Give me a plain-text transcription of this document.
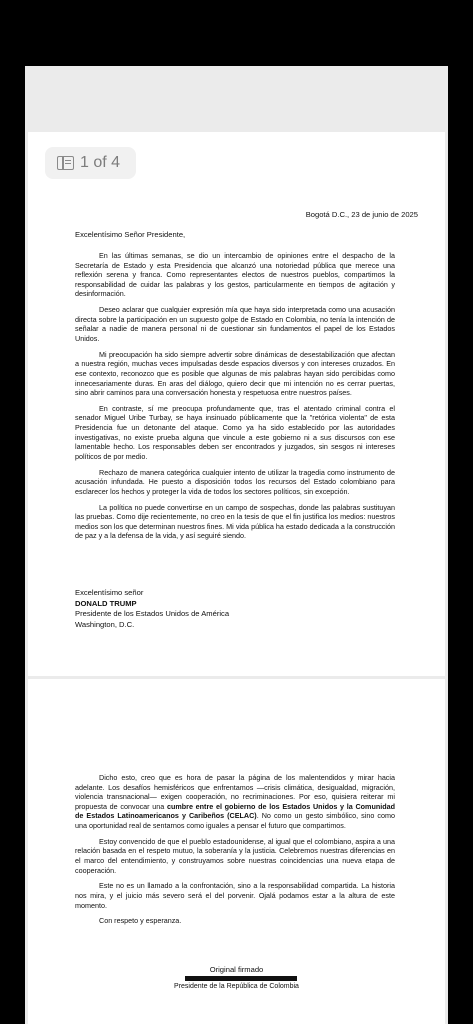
1 of 4
Bogotá D.C., 23 de junio de 2025
Excelentísimo Señor Presidente,

En las últimas semanas, se dio un intercambio de opiniones entre el despacho de la Secretaría de Estado y esta Presidencia que alcanzó una notoriedad pública que merece una reflexión serena y franca. Como representantes electos de nuestros pueblos, compartimos la responsabilidad de cuidar las palabras y los gestos, particularmente en tiempos de agitación y desinformación.

Deseo aclarar que cualquier expresión mía que haya sido interpretada como una acusación directa sobre la participación en un supuesto golpe de Estado en Colombia, no tenía la intención de señalar a nadie de manera personal ni de cuestionar sin fundamentos el papel de los Estados Unidos.

Mi preocupación ha sido siempre advertir sobre dinámicas de desestabilización que afectan a nuestra región, muchas veces impulsadas desde espacios diversos y con intereses cruzados. En ese contexto, reconozco que es posible que algunas de mis palabras hayan sido percibidas como innecesariamente duras. En aras del diálogo, quiero decir que mi intención no es cerrar puertas, sino abrir caminos para una conversación honesta y respetuosa entre nuestros países.

En contraste, sí me preocupa profundamente que, tras el atentado criminal contra el senador Miguel Uribe Turbay, se haya insinuado públicamente que la "retórica violenta" de esta Presidencia fue un detonante del ataque. Como ya ha sido establecido por las autoridades investigativas, no existe prueba alguna que vincule a este gobierno ni a sus discursos con ese lamentable hecho. Los responsables deben ser encontrados y juzgados, sin sesgos ni intereses políticos de por medio.

Rechazo de manera categórica cualquier intento de utilizar la tragedia como instrumento de acusación infundada. He puesto a disposición todos los recursos del Estado colombiano para esclarecer los hechos y proteger la vida de todos los sectores políticos, sin excepción.

La política no puede convertirse en un campo de sospechas, donde las palabras sustituyan las pruebas. Como dije recientemente, no creo en la tesis de que el fin justifica los medios: nuestros medios son los que determinan nuestros fines. Mi vida pública ha estado dedicada a la construcción de paz y a la defensa de la vida, y así seguiré siendo.

Excelentísimo señor
DONALD TRUMP
Presidente de los Estados Unidos de América
Washington, D.C.

Dicho esto, creo que es hora de pasar la página de los malentendidos y mirar hacia adelante. Los desafíos hemisféricos que enfrentamos —crisis climática, desigualdad, migración, violencia transnacional— exigen cooperación, no recriminaciones. Por eso, quisiera reiterar mi propuesta de convocar una cumbre entre el gobierno de los Estados Unidos y la Comunidad de Estados Latinoamericanos y Caribeños (CELAC). No como un gesto simbólico, sino como una oportunidad real de sentarnos como iguales a pensar el futuro que compartimos.

Estoy convencido de que el pueblo estadounidense, al igual que el colombiano, aspira a una relación basada en el respeto mutuo, la soberanía y la justicia. Celebremos nuestras diferencias en el marco del entendimiento, y construyamos sobre nuestras coincidencias una nueva etapa de cooperación.

Este no es un llamado a la confrontación, sino a la responsabilidad compartida. La historia nos mira, y el juicio más severo será el del porvenir. Ojalá podamos estar a la altura de este momento.

Con respeto y esperanza.

Original firmado
Presidente de la República de Colombia
